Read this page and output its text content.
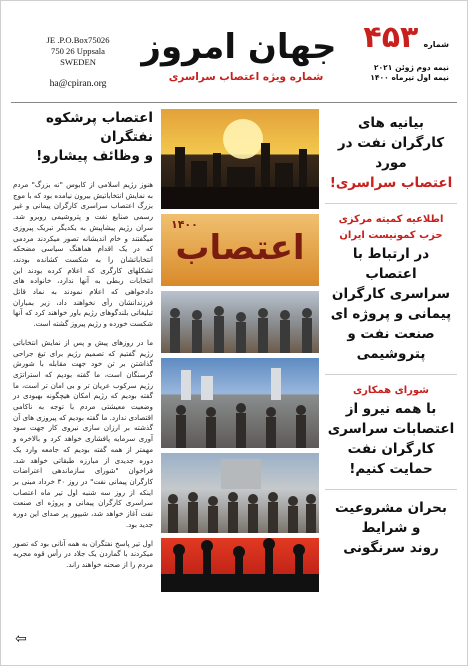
JE .P.O.Box75026
750 26 Uppsala
SWEDEN
ha@cpiran.org
جهان امروز
شماره ویژه اعتصاب سراسری
شماره ۴۵۳
نیمه دوم ژوئن ۲۰۲۱
نیمه اول تیرماه ۱۴۰۰
بیانیه های
کارگران نفت در مورد
اعتصاب سراسری!
اطلاعیه کمیته مرکزی
حزب کمونیست ایران
در ارتباط با اعتصاب
سراسری کارگران
پیمانی و پروژه ای
صنعت نفت و پتروشیمی
شورای همکاری
با همه نیرو از
اعتصابات سراسری
کارگران نفت
حمایت کنیم!
بحران مشروعیت
و شرایط
روند سرنگونی
اعتصاب
۱۴۰۰
اعتصاب پرشکوه نفتگران
و وظائف پیشارو!
هنوز رژیم اسلامی از کابوس "نه بزرگ" مردم به نمایش انتخاباتیش بیرون نیامده بود که با موج بزرگ اعتصاب سراسری کارگران پیمانی و غیر رسمی صنایع نفت و پتروشیمی روبرو شد. سران رژیم پیشاپیش به یکدیگر تبریک پیروزی میگفتند و خام اندیشانه تصور میکردند مردمی که در یک اقدام هماهنگ سیاسی مضحکه انتخاباتشان را به شکست کشانده بودند، تشکلهای کارگری که اعلام کرده بودند این انتخابات ربطی به آنها ندارد، خانواده های دادخواهی که اعلام نمودند به نماد قاتل فرزندانشان رأی نخواهند داد، زیر بمباران تبلیغاتی بلندگوهای رژیم باور خواهند کرد که آنها شکست خورده و رژیم پیروز گشته است.
ما در روزهای پیش و پس از نمایش انتخاباتی رژیم گفتیم که تصمیم رژیم برای تیغ جراحی گذاشتن بر تن خود جهت مقابله با شورش گرسنگان است، ما گفته بودیم که استراتژی رژیم سرکوب عریان تر و بی امان تر است، ما گفته بودیم که رژیم امکان هیچگونه بهبودی در وضعیت معیشتی مردم با توجه به ناکامی اقتصادی ندارد. ما گفته بودیم که پیروزی های آن گذشته بر ارزان سازی نیروی کار جهت سود آوری سرمایه پافشاری خواهد کرد و بالاخره و مهمتر از همه گفته بودیم که جامعه وارد یک دوره جدیدی از مبارزه طبقاتی خواهد شد. فراخوان "شورای سازماندهی اعتراضات کارگران پیمانی نفت" در روز ۳۰ خرداد مبنی بر اینکه از روز سه شنبه اول تیر ماه اعتصاب سراسری کارگران پیمانی و پروژه ای صنعت نفت آغاز خواهد شد، شیپور پر صدای این دوره جدید بود.
اول تیر پاسخ نفتگران به همه آنانی بود که تصور میکردند با گماردن یک جلاد در رأس قوه مجریه مردم را از صحنه خواهند راند.
⇦
